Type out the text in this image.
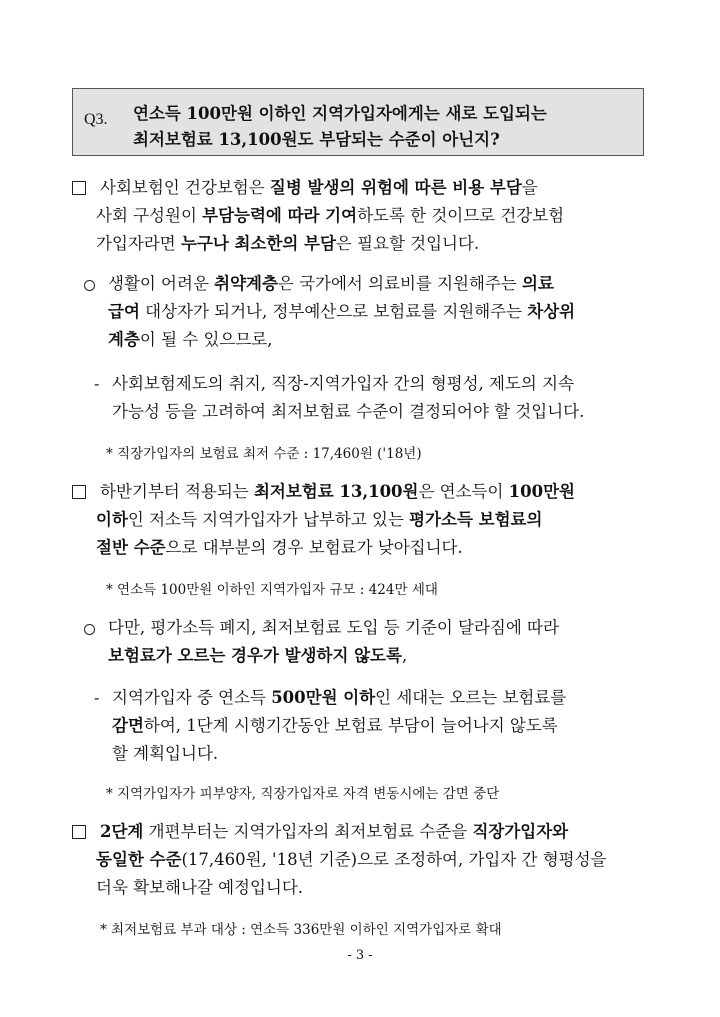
Q3. 연소득 100만원 이하인 지역가입자에게는 새로 도입되는
최저보험료 13,100원도 부담되는 수준이 아닌지?
사회보험인 건강보험은 질병 발생의 위험에 따른 비용 부담을
사회 구성원이 부담능력에 따라 기여하도록 한 것이므로 건강보험
가입자라면 누구나 최소한의 부담은 필요할 것입니다.
생활이 어려운 취약계층은 국가에서 의료비를 지원해주는 의료
급여 대상자가 되거나, 정부예산으로 보험료를 지원해주는 차상위
계층이 될 수 있으므로,
- 사회보험제도의 취지, 직장-지역가입자 간의 형평성, 제도의 지속
가능성 등을 고려하여 최저보험료 수준이 결정되어야 할 것입니다.
* 직장가입자의 보험료 최저 수준 : 17,460원 ('18년)
하반기부터 적용되는 최저보험료 13,100원은 연소득이 100만원
이하인 저소득 지역가입자가 납부하고 있는 평가소득 보험료의
절반 수준으로 대부분의 경우 보험료가 낮아집니다.
* 연소득 100만원 이하인 지역가입자 규모 : 424만 세대
다만, 평가소득 폐지, 최저보험료 도입 등 기준이 달라짐에 따라
보험료가 오르는 경우가 발생하지 않도록,
- 지역가입자 중 연소득 500만원 이하인 세대는 오르는 보험료를
감면하여, 1단계 시행기간동안 보험료 부담이 늘어나지 않도록
할 계획입니다.
* 지역가입자가 피부양자, 직장가입자로 자격 변동시에는 감면 중단
2단계 개편부터는 지역가입자의 최저보험료 수준을 직장가입자와
동일한 수준(17,460원, '18년 기준)으로 조정하여, 가입자 간 형평성을
더욱 확보해나갈 예정입니다.
* 최저보험료 부과 대상 : 연소득 336만원 이하인 지역가입자로 확대
- 3 -
